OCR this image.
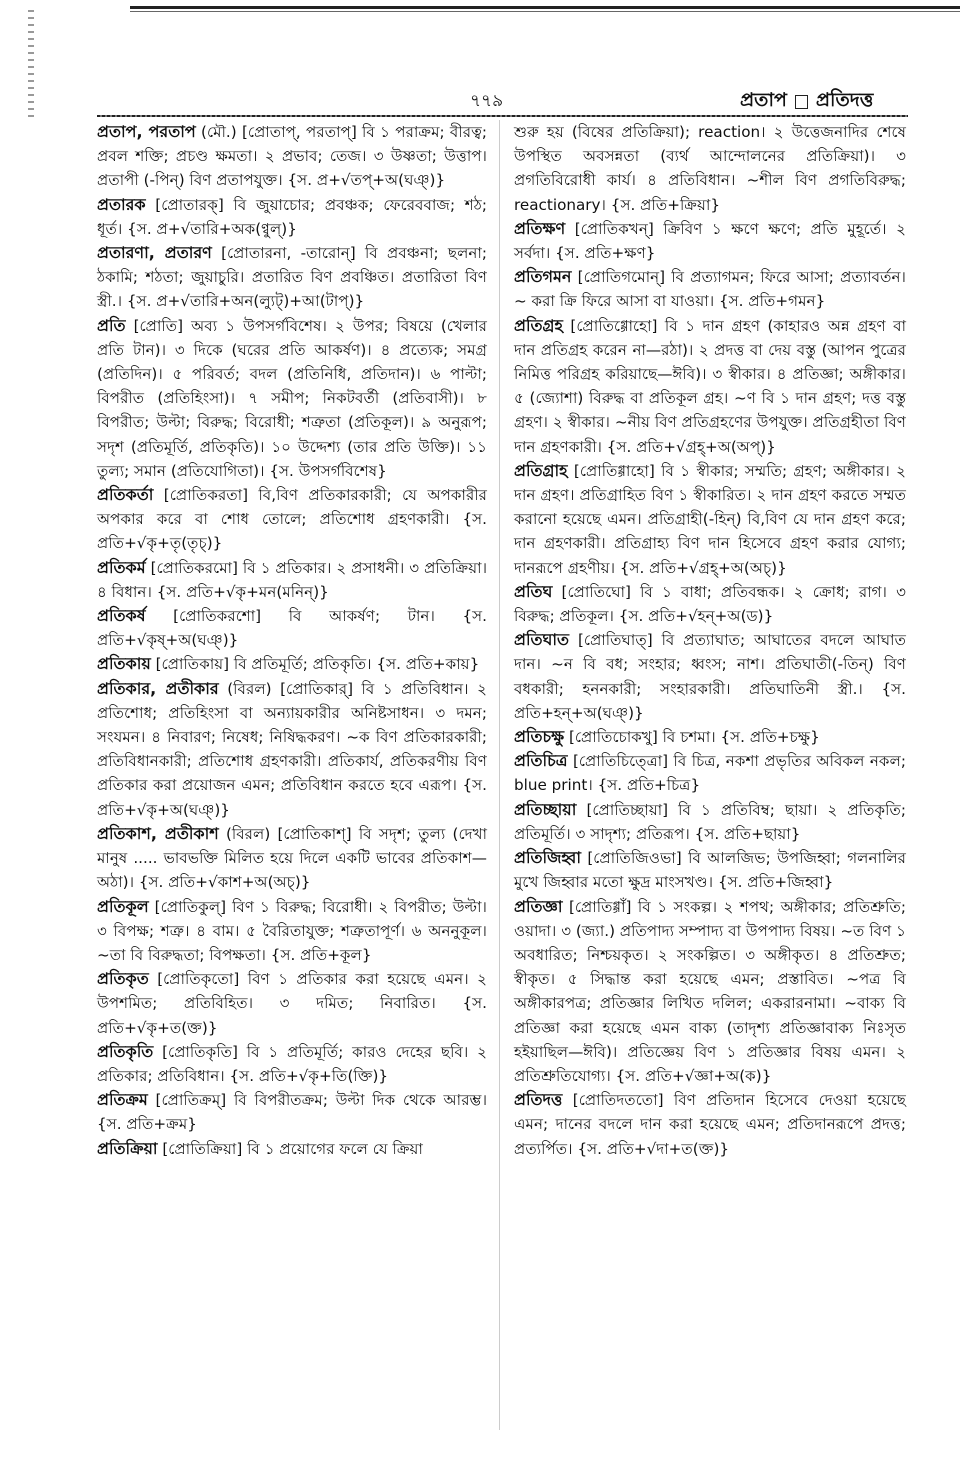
৭৭৯	প্রতাপ প্রতিদত্ত

প্রতাপ, পরতাপ (মৌ.) [প্রোতাপ্, পরতাপ্] বি ১ পরাক্রম; বীরত্ব; প্রবল শক্তি; প্রচণ্ড ক্ষমতা। ২ প্রভাব; তেজ। ৩ উষ্ণতা; উত্তাপ। প্রতাপী (-পিন্) বিণ প্রতাপযুক্ত। {স. প্র+√তপ্+অ(ঘঞ্)}

প্রতারক [প্রোতারক্] বি জুয়াচোর; প্রবঞ্চক; ফেরেববাজ; শঠ; ধূর্ত। {স. প্র+√তারি+অক(ণ্বুল্)}

প্রতারণা, প্রতারণ [প্রোতারনা, -তারোন্] বি প্রবঞ্চনা; ছলনা; ঠকামি; শঠতা; জুয়াচুরি। প্রতারিত বিণ প্রবঞ্চিত। প্রতারিতা বিণ স্ত্রী.। {স. প্র+√তারি+অন(ল্যুট্)+আ(টাপ্)}

প্রতি [প্রোতি] অব্য ১ উপসর্গবিশেষ। ২ উপর; বিষয়ে (খেলার প্রতি টান)। ৩ দিকে (ঘরের প্রতি আকর্ষণ)। ৪ প্রত্যেক; সমগ্র (প্রতিদিন)। ৫ পরিবর্ত; বদল (প্রতিনিধি, প্রতিদান)। ৬ পাল্টা; বিপরীত (প্রতিহিংসা)। ৭ সমীপ; নিকটবর্তী (প্রতিবাসী)। ৮ বিপরীত; উল্টা; বিরুদ্ধ; বিরোধী; শত্রুতা (প্রতিকূল)। ৯ অনুরূপ; সদৃশ (প্রতিমূর্তি, প্রতিকৃতি)। ১০ উদ্দেশ্য (তার প্রতি উক্তি)। ১১ তুল্য; সমান (প্রতিযোগিতা)। {স. উপসর্গবিশেষ}

প্রতিকর্তা [প্রোতিকরতা] বি,বিণ প্রতিকারকারী; যে অপকারীর অপকার করে বা শোধ তোলে; প্রতিশোধ গ্রহণকারী। {স. প্রতি+√কৃ+তৃ(তৃচ্)}

প্রতিকর্ম [প্রোতিকরমো] বি ১ প্রতিকার। ২ প্রসাধনী। ৩ প্রতিক্রিয়া। ৪ বিধান। {স. প্রতি+√কৃ+মন(মনিন্)}

প্রতিকর্ষ [প্রোতিকরশো] বি আকর্ষণ; টান। {স. প্রতি+√কৃষ্+অ(ঘঞ্)}

প্রতিকায় [প্রোতিকায়] বি প্রতিমূর্তি; প্রতিকৃতি। {স. প্রতি+কায়}

প্রতিকার, প্রতীকার (বিরল) [প্রোতিকার্] বি ১ প্রতিবিধান। ২ প্রতিশোধ; প্রতিহিংসা বা অন্যায়কারীর অনিষ্টসাধন। ৩ দমন; সংযমন। ৪ নিবারণ; নিষেধ; নিষিদ্ধকরণ। ~ক বিণ প্রতিকারকারী; প্রতিবিধানকারী; প্রতিশোধ গ্রহণকারী। প্রতিকার্য, প্রতিকরণীয় বিণ প্রতিকার করা প্রয়োজন এমন; প্রতিবিধান করতে হবে এরূপ। {স. প্রতি+√কৃ+অ(ঘঞ্)}

প্রতিকাশ, প্রতীকাশ (বিরল) [প্রোতিকাশ্] বি সদৃশ; তুল্য (দেখা মানুষ ..... ভাবভক্তি মিলিত হয়ে দিলে একটি ভাবের প্রতিকাশ—অঠা)। {স. প্রতি+√কাশ+অ(অচ্)}

প্রতিকূল [প্রোতিকুল্] বিণ ১ বিরুদ্ধ; বিরোধী। ২ বিপরীত; উল্টা। ৩ বিপক্ষ; শত্রু। ৪ বাম। ৫ বৈরিতাযুক্ত; শত্রুতাপূর্ণ। ৬ অননুকূল। ~তা বি বিরুদ্ধতা; বিপক্ষতা। {স. প্রতি+কূল}

প্রতিকৃত [প্রোতিকৃতো] বিণ ১ প্রতিকার করা হয়েছে এমন। ২ উপশমিত; প্রতিবিহিত। ৩ দমিত; নিবারিত। {স. প্রতি+√কৃ+ত(ক্ত)}

প্রতিকৃতি [প্রোতিকৃতি] বি ১ প্রতিমূর্তি; কারও দেহের ছবি। ২ প্রতিকার; প্রতিবিধান। {স. প্রতি+√কৃ+তি(ক্তি)}

প্রতিক্রম [প্রোতিক্রম্] বি বিপরীতক্রম; উল্টা দিক থেকে আরম্ভ। {স. প্রতি+ক্রম}

প্রতিক্রিয়া [প্রোতিক্রিয়া] বি ১ প্রয়োগের ফলে যে ক্রিয়া

শুরু হয় (বিষের প্রতিক্রিয়া); reaction। ২ উত্তেজনাদির শেষে উপস্থিত অবসন্নতা (ব্যর্থ আন্দোলনের প্রতিক্রিয়া)। ৩ প্রগতিবিরোধী কার্য। ৪ প্রতিবিধান। ~শীল বিণ প্রগতিবিরুদ্ধ; reactionary। {স. প্রতি+ক্রিয়া}

প্রতিক্ষণ [প্রোতিকখন্] ক্রিবিণ ১ ক্ষণে ক্ষণে; প্রতি মুহূর্তে। ২ সর্বদা। {স. প্রতি+ক্ষণ}

প্রতিগমন [প্রোতিগমোন্] বি প্রত্যাগমন; ফিরে আসা; প্রত্যাবর্তন। ~ করা ক্রি ফিরে আসা বা যাওয়া। {স. প্রতি+গমন}

প্রতিগ্রহ [প্রোতিগ্গোহো] বি ১ দান গ্রহণ (কাহারও অন্ন গ্রহণ বা দান প্রতিগ্রহ করেন না—রঠা)। ২ প্রদত্ত বা দেয় বস্তু (আপন পুত্রের নিমিত্ত পরিগ্রহ করিয়াছে—ঈবি)। ৩ স্বীকার। ৪ প্রতিজ্ঞা; অঙ্গীকার। ৫ (জ্যোশা) বিরুদ্ধ বা প্রতিকূল গ্রহ। ~ণ বি ১ দান গ্রহণ; দত্ত বস্তু গ্রহণ। ২ স্বীকার। ~নীয় বিণ প্রতিগ্রহণের উপযুক্ত। প্রতিগ্রহীতা বিণ দান গ্রহণকারী। {স. প্রতি+√গ্রহ্+অ(অপ্)}

প্রতিগ্রাহ [প্রোতিগ্গাহো] বি ১ স্বীকার; সম্মতি; গ্রহণ; অঙ্গীকার। ২ দান গ্রহণ। প্রতিগ্রাহিত বিণ ১ স্বীকারিত। ২ দান গ্রহণ করতে সম্মত করানো হয়েছে এমন। প্রতিগ্রাহী(-হিন্) বি,বিণ যে দান গ্রহণ করে; দান গ্রহণকারী। প্রতিগ্রাহ্য বিণ দান হিসেবে গ্রহণ করার যোগ্য; দানরূপে গ্রহণীয়। {স. প্রতি+√গ্রহ্+অ(অচ্)}

প্রতিঘ [প্রোতিঘো] বি ১ বাধা; প্রতিবন্ধক। ২ ক্রোধ; রাগ। ৩ বিরুদ্ধ; প্রতিকূল। {স. প্রতি+√হন্+অ(ড)}

প্রতিঘাত [প্রোতিঘাত্] বি প্রত্যাঘাত; আঘাতের বদলে আঘাত দান। ~ন বি বধ; সংহার; ধ্বংস; নাশ। প্রতিঘাতী(-তিন্) বিণ বধকারী; হননকারী; সংহারকারী। প্রতিঘাতিনী স্ত্রী.। {স. প্রতি+হন্+অ(ঘঞ্)}

প্রতিচক্ষু [প্রোতিচোকখু] বি চশমা। {স. প্রতি+চক্ষু}

প্রতিচিত্র [প্রোতিচিত্ত্রো] বি চিত্র, নকশা প্রভৃতির অবিকল নকল; blue print। {স. প্রতি+চিত্র}

প্রতিচ্ছায়া [প্রোতিচ্ছায়া] বি ১ প্রতিবিম্ব; ছায়া। ২ প্রতিকৃতি; প্রতিমূর্তি। ৩ সাদৃশ্য; প্রতিরূপ। {স. প্রতি+ছায়া}

প্রতিজিহ্বা [প্রোতিজিওভা] বি আলজিভ; উপজিহ্বা; গলনালির মুখে জিহ্বার মতো ক্ষুদ্র মাংসখণ্ড। {স. প্রতি+জিহ্বা}

প্রতিজ্ঞা [প্রোতিগ্গাঁ] বি ১ সংকল্প। ২ শপথ; অঙ্গীকার; প্রতিশ্রুতি; ওয়াদা। ৩ (জ্যা.) প্রতিপাদ্য সম্পাদ্য বা উপপাদ্য বিষয়। ~ত বিণ ১ অবধারিত; নিশ্চয়কৃত। ২ সংকল্পিত। ৩ অঙ্গীকৃত। ৪ প্রতিশ্রুত; স্বীকৃত। ৫ সিদ্ধান্ত করা হয়েছে এমন; প্রস্তাবিত। ~পত্র বি অঙ্গীকারপত্র; প্রতিজ্ঞার লিখিত দলিল; একরারনামা। ~বাক্য বি প্রতিজ্ঞা করা হয়েছে এমন বাক্য (তাদৃশ্য প্রতিজ্ঞাবাক্য নিঃসৃত হইয়াছিল—ঈবি)। প্রতিজ্ঞেয় বিণ ১ প্রতিজ্ঞার বিষয় এমন। ২ প্রতিশ্রুতিযোগ্য। {স. প্রতি+√জ্ঞা+অ(ক)}

প্রতিদত্ত [প্রোতিদততো] বিণ প্রতিদান হিসেবে দেওয়া হয়েছে এমন; দানের বদলে দান করা হয়েছে এমন; প্রতিদানরূপে প্রদত্ত; প্রত্যর্পিত। {স. প্রতি+√দা+ত(ক্ত)}
